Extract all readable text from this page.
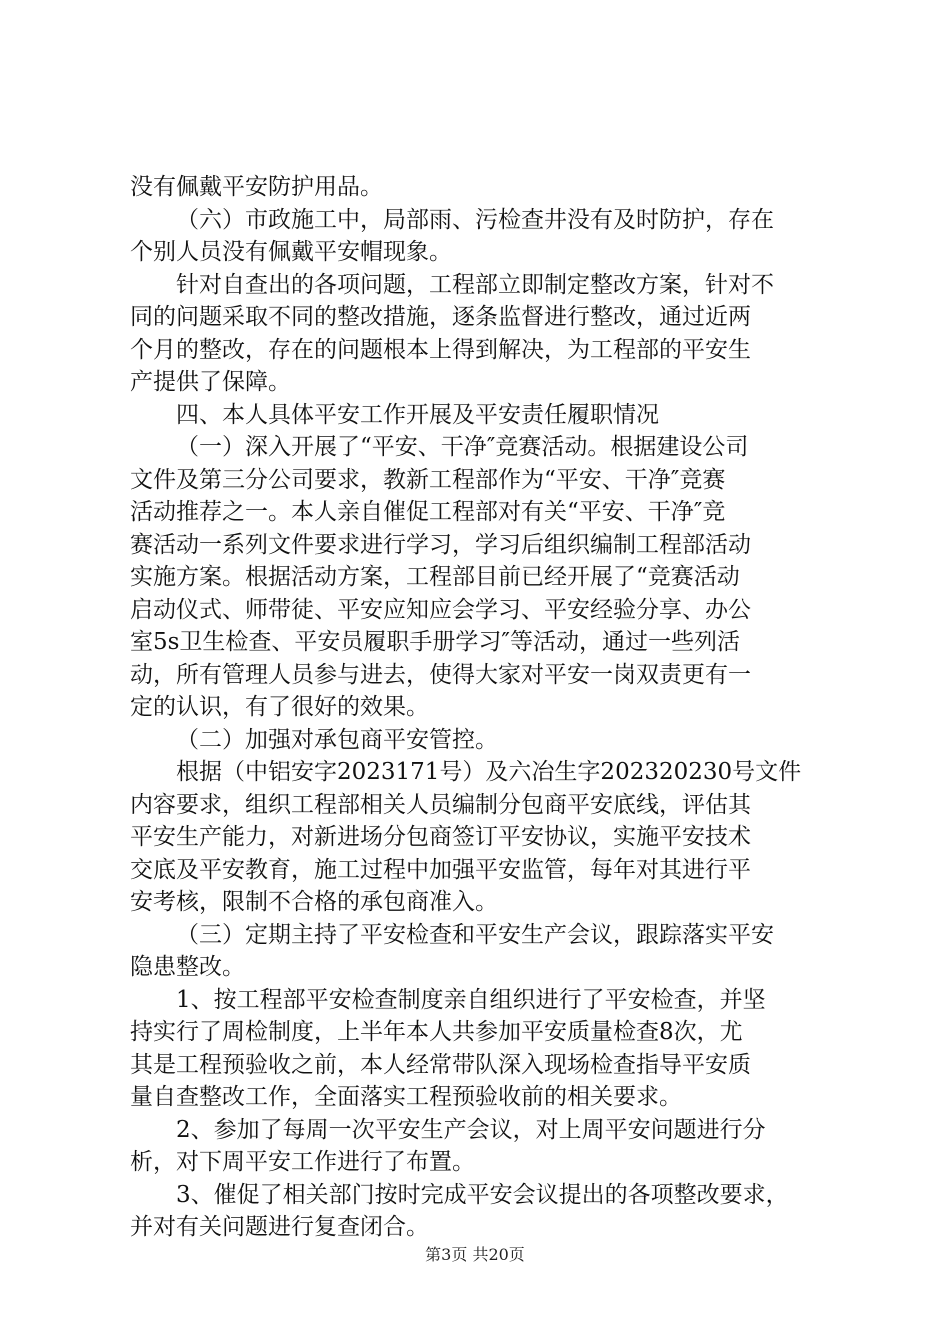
没有佩戴平安防护用品。
（六）市政施工中，局部雨、污检查井没有及时防护，存在
个别人员没有佩戴平安帽现象。
针对自查出的各项问题，工程部立即制定整改方案，针对不
同的问题采取不同的整改措施，逐条监督进行整改，通过近两
个月的整改，存在的问题根本上得到解决，为工程部的平安生
产提供了保障。
四、本人具体平安工作开展及平安责任履职情况
（一）深入开展了“平安、干净″竞赛活动。根据建设公司
文件及第三分公司要求，教新工程部作为“平安、干净″竞赛
活动推荐之一。本人亲自催促工程部对有关“平安、干净″竞
赛活动一系列文件要求进行学习，学习后组织编制工程部活动
实施方案。根据活动方案，工程部目前已经开展了“竞赛活动
启动仪式、师带徒、平安应知应会学习、平安经验分享、办公
室5s卫生检查、平安员履职手册学习″等活动，通过一些列活
动，所有管理人员参与进去，使得大家对平安一岗双责更有一
定的认识，有了很好的效果。
（二）加强对承包商平安管控。
根据（中铝安字2023171号）及六冶生字202320230号文件
内容要求，组织工程部相关人员编制分包商平安底线，评估其
平安生产能力，对新进场分包商签订平安协议，实施平安技术
交底及平安教育，施工过程中加强平安监管，每年对其进行平
安考核，限制不合格的承包商准入。
（三）定期主持了平安检查和平安生产会议，跟踪落实平安
隐患整改。
1、按工程部平安检查制度亲自组织进行了平安检查，并坚
持实行了周检制度，上半年本人共参加平安质量检查8次，尤
其是工程预验收之前，本人经常带队深入现场检查指导平安质
量自查整改工作，全面落实工程预验收前的相关要求。
2、参加了每周一次平安生产会议，对上周平安问题进行分
析，对下周平安工作进行了布置。
3、催促了相关部门按时完成平安会议提出的各项整改要求，
并对有关问题进行复查闭合。
第3页 共20页
